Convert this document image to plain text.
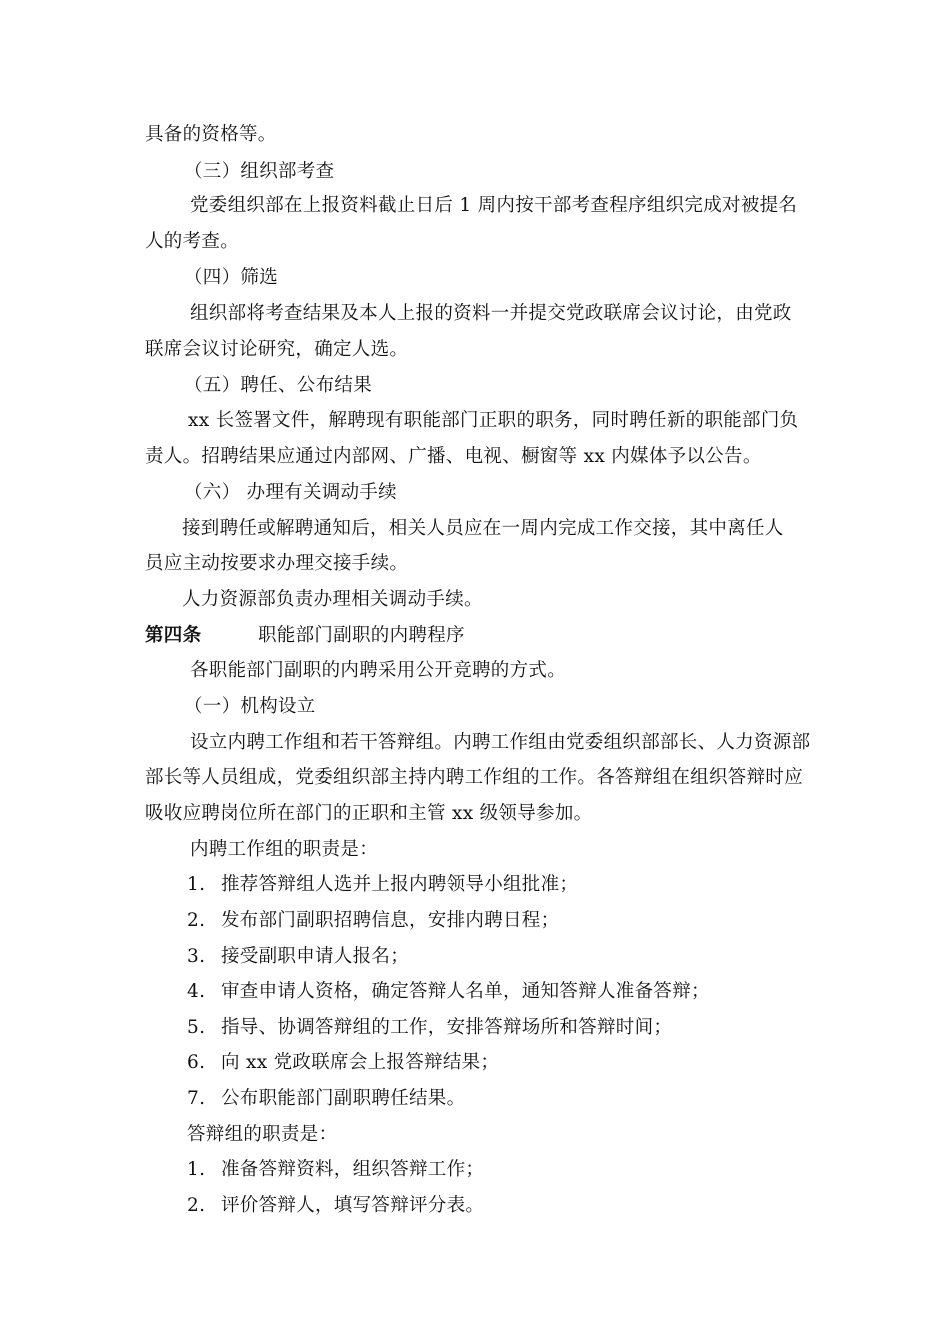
具备的资格等。
（三）组织部考查
党委组织部在上报资料截止日后 1 周内按干部考查程序组织完成对被提名
人的考查。
（四）筛选
组织部将考查结果及本人上报的资料一并提交党政联席会议讨论，由党政
联席会议讨论研究，确定人选。
（五）聘任、公布结果
xx 长签署文件，解聘现有职能部门正职的职务，同时聘任新的职能部门负
责人。招聘结果应通过内部网、广播、电视、橱窗等 xx 内媒体予以公告。
（六） 办理有关调动手续
接到聘任或解聘通知后，相关人员应在一周内完成工作交接，其中离任人
员应主动按要求办理交接手续。
人力资源部负责办理相关调动手续。
第四条	职能部门副职的内聘程序
各职能部门副职的内聘采用公开竞聘的方式。
（一）机构设立
设立内聘工作组和若干答辩组。内聘工作组由党委组织部部长、人力资源部
部长等人员组成，党委组织部主持内聘工作组的工作。各答辩组在组织答辩时应
吸收应聘岗位所在部门的正职和主管 xx 级领导参加。
内聘工作组的职责是：
1. 推荐答辩组人选并上报内聘领导小组批准；
2. 发布部门副职招聘信息，安排内聘日程；
3. 接受副职申请人报名；
4. 审查申请人资格，确定答辩人名单，通知答辩人准备答辩；
5. 指导、协调答辩组的工作，安排答辩场所和答辩时间；
6. 向 xx 党政联席会上报答辩结果；
7. 公布职能部门副职聘任结果。
答辩组的职责是：
1. 准备答辩资料，组织答辩工作；
2. 评价答辩人，填写答辩评分表。
